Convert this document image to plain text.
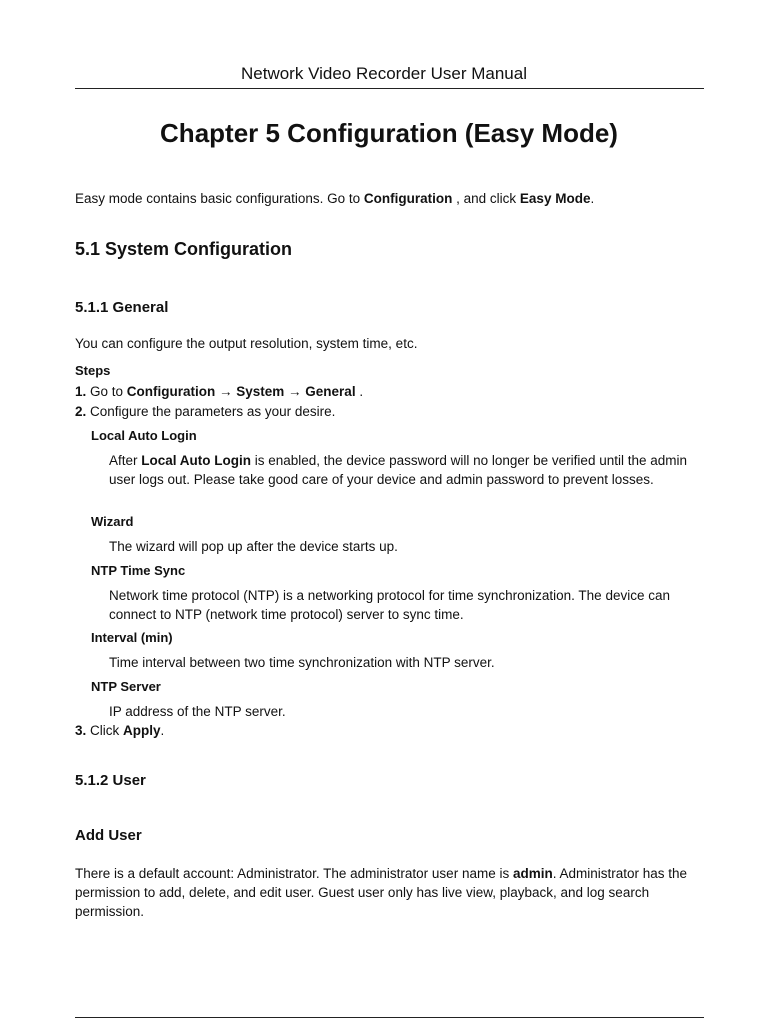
Network Video Recorder User Manual
Chapter 5 Configuration (Easy Mode)
Easy mode contains basic configurations. Go to Configuration , and click Easy Mode.
5.1 System Configuration
5.1.1 General
You can configure the output resolution, system time, etc.
Steps
1. Go to Configuration → System → General .
2. Configure the parameters as your desire.
Local Auto Login
After Local Auto Login is enabled, the device password will no longer be verified until the admin user logs out. Please take good care of your device and admin password to prevent losses.
Wizard
The wizard will pop up after the device starts up.
NTP Time Sync
Network time protocol (NTP) is a networking protocol for time synchronization. The device can connect to NTP (network time protocol) server to sync time.
Interval (min)
Time interval between two time synchronization with NTP server.
NTP Server
IP address of the NTP server.
3. Click Apply.
5.1.2 User
Add User
There is a default account: Administrator. The administrator user name is admin. Administrator has the permission to add, delete, and edit user. Guest user only has live view, playback, and log search permission.
